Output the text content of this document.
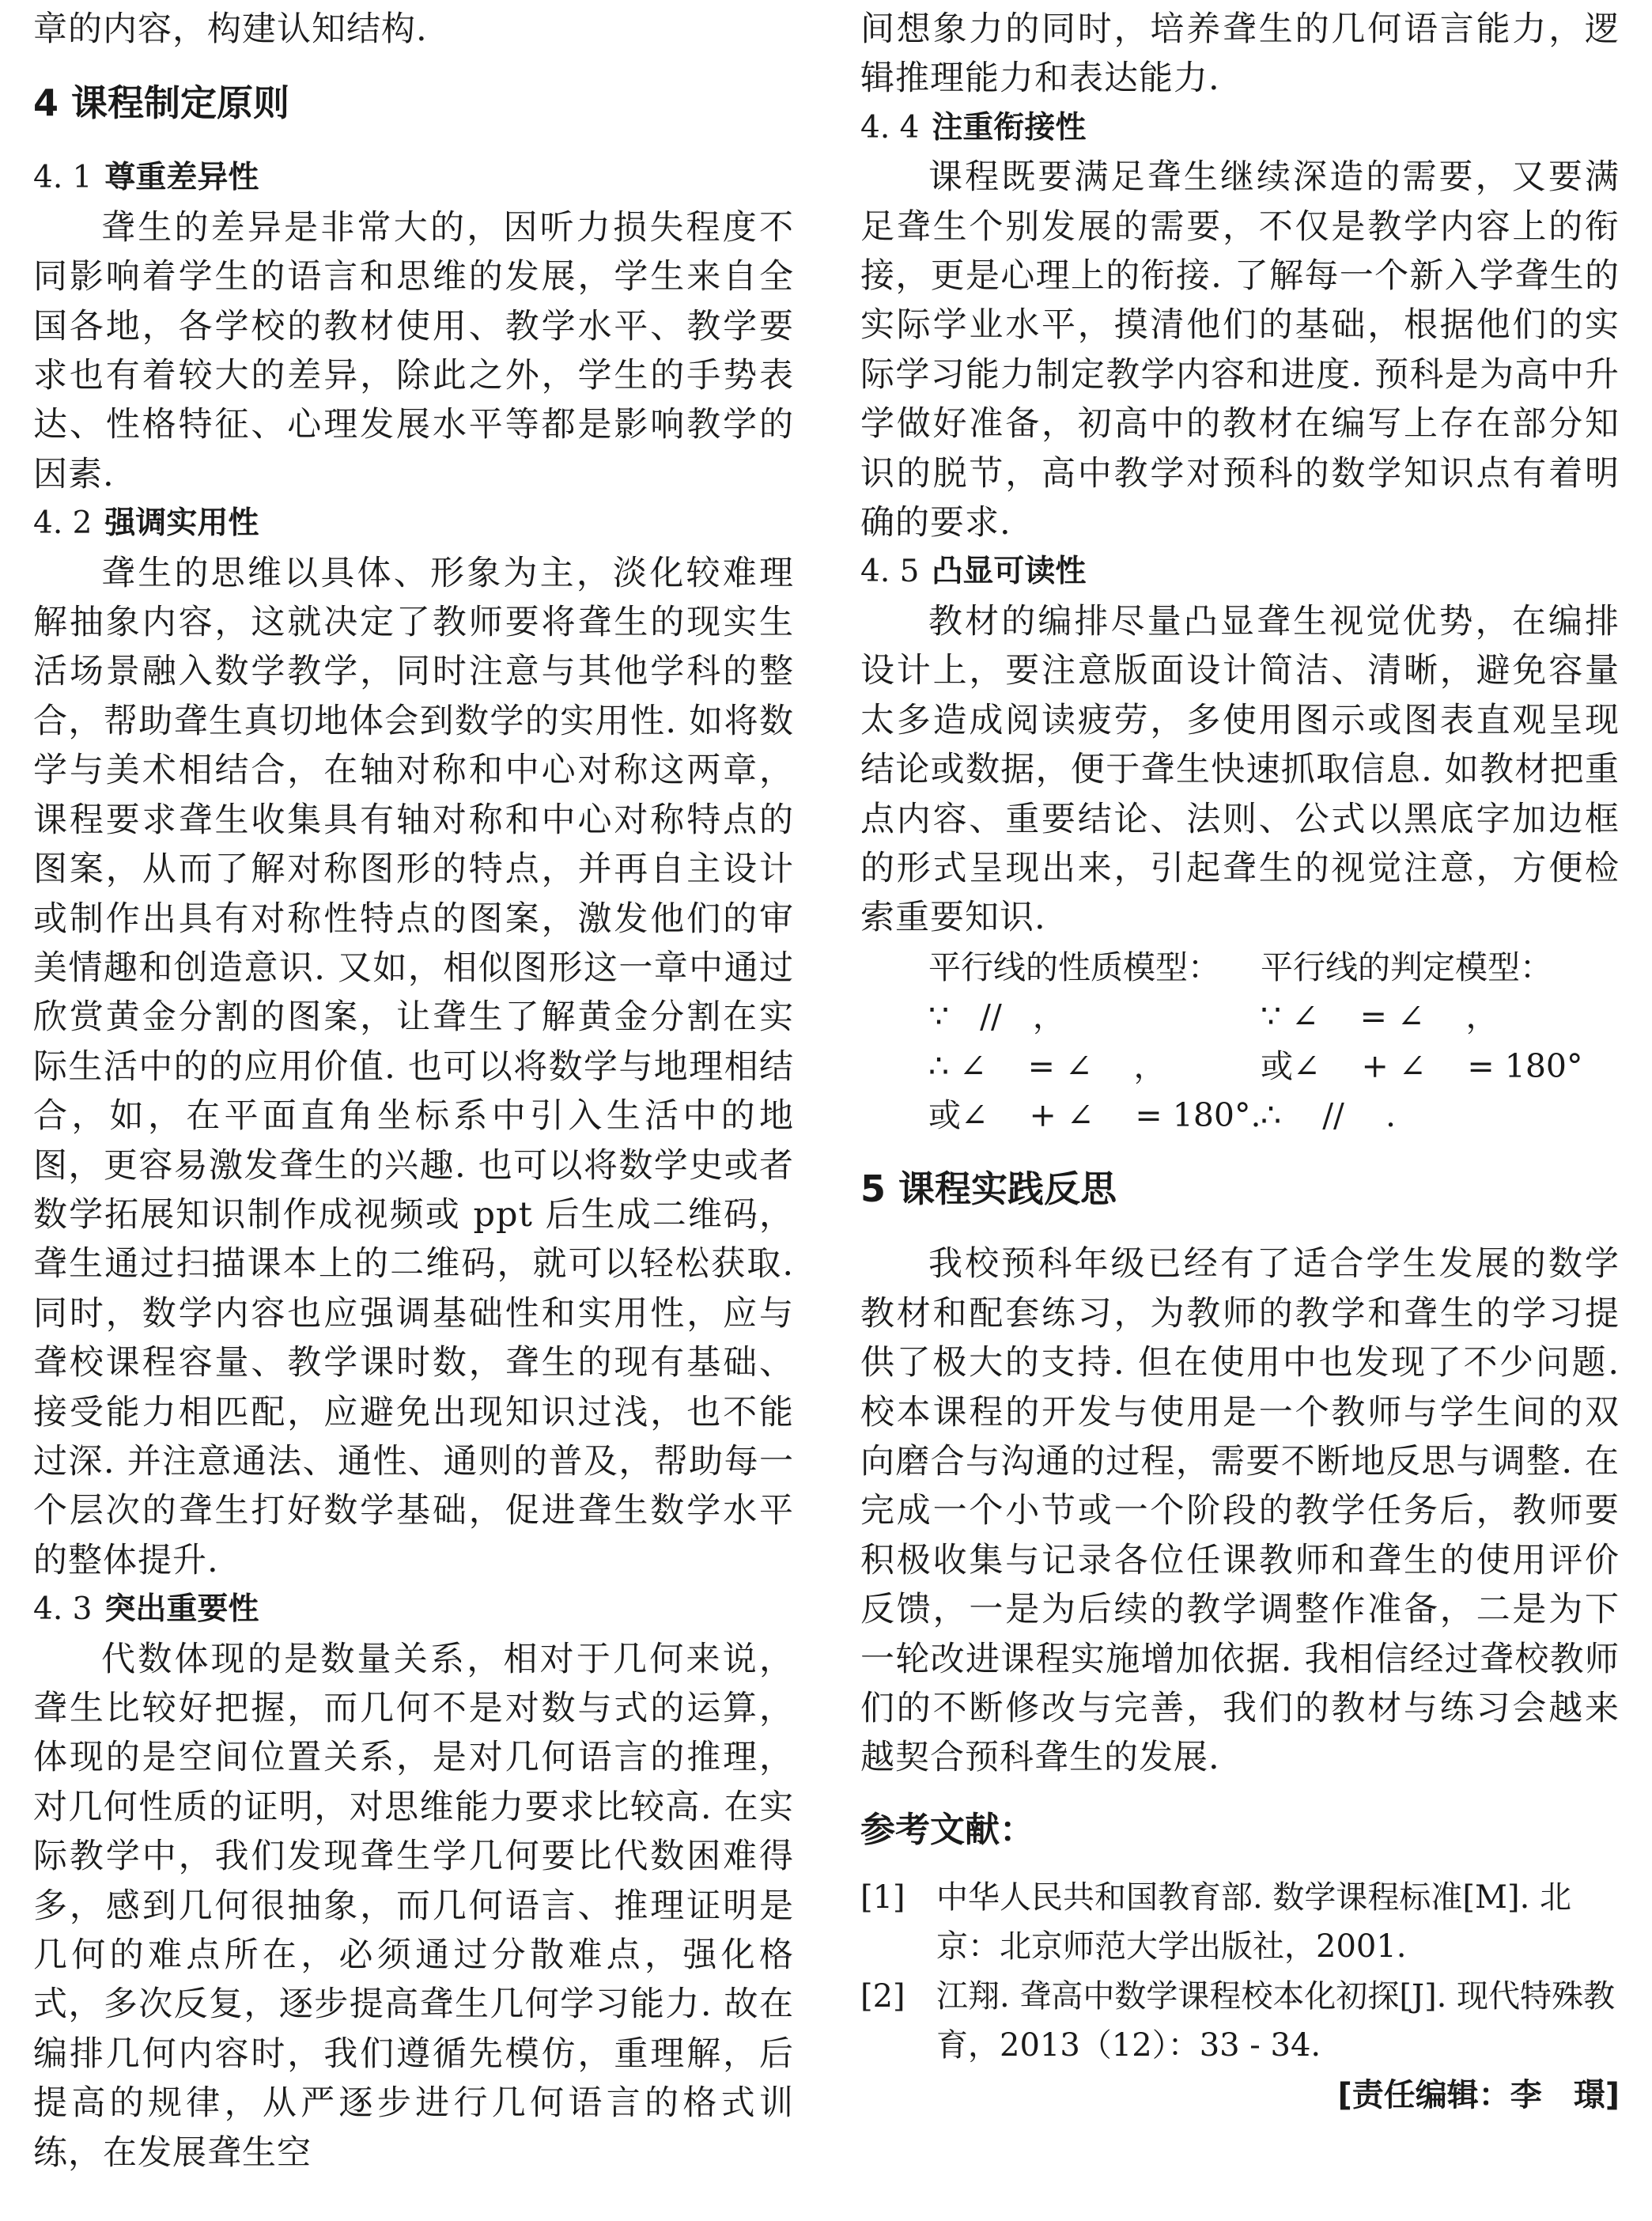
章的内容，构建认知结构.

4 课程制定原则
4. 1 尊重差异性

聋生的差异是非常大的，因听力损失程度不同影响着学生的语言和思维的发展，学生来自全国各地，各学校的教材使用、教学水平、教学要求也有着较大的差异，除此之外，学生的手势表达、性格特征、心理发展水平等都是影响教学的因素.

4. 2 强调实用性

聋生的思维以具体、形象为主，淡化较难理解抽象内容，这就决定了教师要将聋生的现实生活场景融入数学教学，同时注意与其他学科的整合，帮助聋生真切地体会到数学的实用性. 如将数学与美术相结合，在轴对称和中心对称这两章，课程要求聋生收集具有轴对称和中心对称特点的图案，从而了解对称图形的特点，并再自主设计或制作出具有对称性特点的图案，激发他们的审美情趣和创造意识. 又如，相似图形这一章中通过欣赏黄金分割的图案，让聋生了解黄金分割在实际生活中的的应用价值. 也可以将数学与地理相结合，如，在平面直角坐标系中引入生活中的地图，更容易激发聋生的兴趣. 也可以将数学史或者数学拓展知识制作成视频或 ppt 后生成二维码，聋生通过扫描课本上的二维码，就可以轻松获取. 同时，数学内容也应强调基础性和实用性，应与聋校课程容量、教学课时数，聋生的现有基础、接受能力相匹配，应避免出现知识过浅，也不能过深. 并注意通法、通性、通则的普及，帮助每一个层次的聋生打好数学基础，促进聋生数学水平的整体提升.

4. 3 突出重要性

代数体现的是数量关系，相对于几何来说，聋生比较好把握，而几何不是对数与式的运算，体现的是空间位置关系，是对几何语言的推理，对几何性质的证明，对思维能力要求比较高. 在实际教学中，我们发现聋生学几何要比代数困难得多，感到几何很抽象，而几何语言、推理证明是几何的难点所在，必须通过分散难点，强化格式，多次反复，逐步提高聋生几何学习能力. 故在编排几何内容时，我们遵循先模仿，重理解，后提高的规律，从严逐步进行几何语言的格式训练，在发展聋生空

间想象力的同时，培养聋生的几何语言能力，逻辑推理能力和表达能力.

4. 4 注重衔接性

课程既要满足聋生继续深造的需要，又要满足聋生个别发展的需要，不仅是教学内容上的衔接，更是心理上的衔接. 了解每一个新入学聋生的实际学业水平，摸清他们的基础，根据他们的实际学习能力制定教学内容和进度. 预科是为高中升学做好准备，初高中的教材在编写上存在部分知识的脱节，高中教学对预科的数学知识点有着明确的要求.

4. 5 凸显可读性

教材的编排尽量凸显聋生视觉优势，在编排设计上，要注意版面设计简洁、清晰，避免容量太多造成阅读疲劳，多使用图示或图表直观呈现结论或数据，便于聋生快速抓取信息. 如教材把重点内容、重要结论、法则、公式以黑底字加边框的形式呈现出来，引起聋生的视觉注意，方便检索重要知识.

平行线的性质模型： 平行线的判定模型：
∵   //   ，	∵ ∠    = ∠    ，
∴ ∠    = ∠    ，	或∠    + ∠    = 180°
或∠    + ∠    = 180°.∴    //    .
5 课程实践反思

我校预科年级已经有了适合学生发展的数学教材和配套练习，为教师的教学和聋生的学习提供了极大的支持. 但在使用中也发现了不少问题. 校本课程的开发与使用是一个教师与学生间的双向磨合与沟通的过程，需要不断地反思与调整. 在完成一个小节或一个阶段的教学任务后，教师要积极收集与记录各位任课教师和聋生的使用评价反馈，一是为后续的教学调整作准备，二是为下一轮改进课程实施增加依据. 我相信经过聋校教师们的不断修改与完善，我们的教材与练习会越来越契合预科聋生的发展.

参考文献：
[1] 中华人民共和国教育部. 数学课程标准[M]. 北京：北京师范大学出版社，2001.
[2] 江翔. 聋高中数学课程校本化初探[J]. 现代特殊教育，2013（12）：33 - 34.
[责任编辑：李　璟]
